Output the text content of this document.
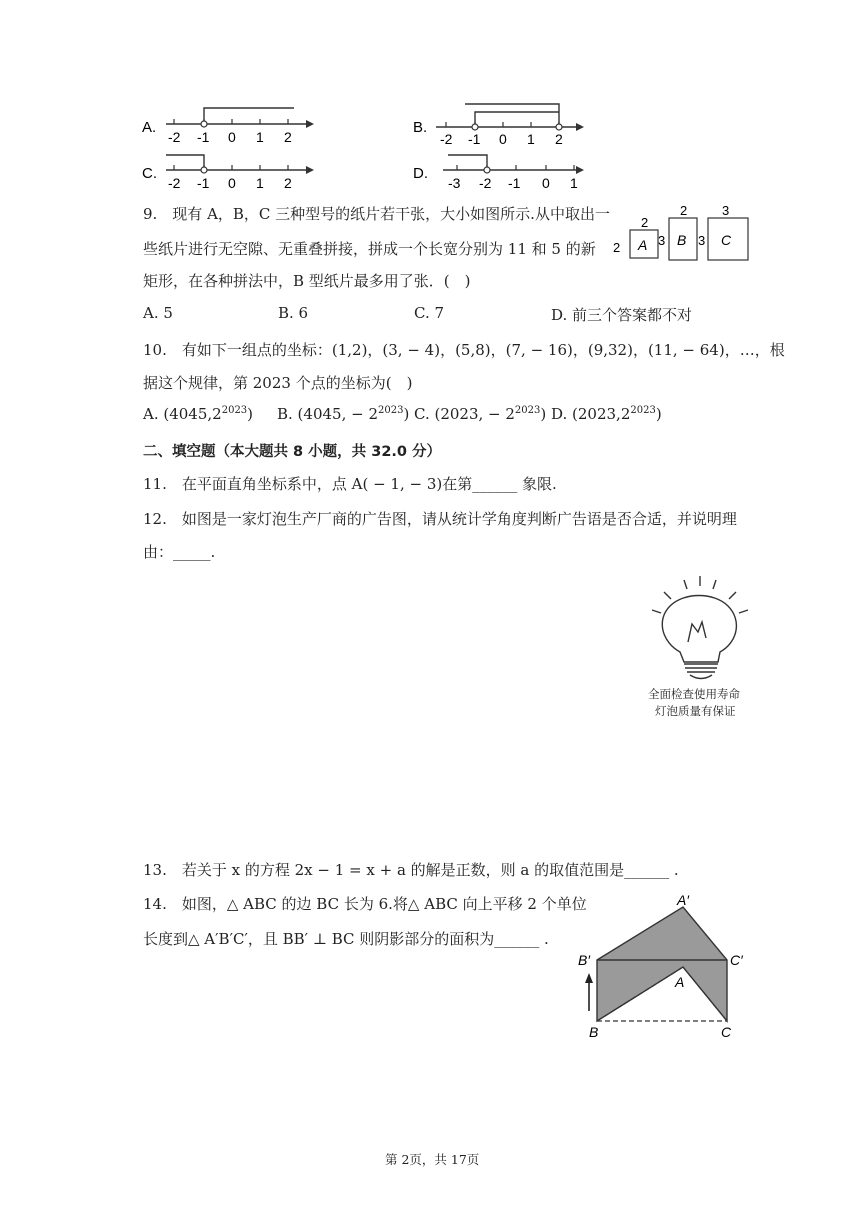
A.
-2 -1 0 1 2
B.
-2 -1 0 1 2
C.
-2 -1 0 1 2
D.
-3 -2 -1 0 1
9.　现有 A，B，C 三种型号的纸片若干张，大小如图所示.从中取出一
些纸片进行无空隙、无重叠拼接，拼成一个长宽分别为 11 和 5 的新
矩形，在各种拼法中，B 型纸片最多用了张．(　)
A B C
2
2
2
3
3
3
A. 5	B. 6	C. 7	D. 前三个答案都不对
10.　有如下一组点的坐标：(1,2)，(3, − 4)，(5,8)，(7, − 16)，(9,32)，(11, − 64)，…，根
据这个规律，第 2023 个点的坐标为(　)
A. $(4045,2^{2023})$ B. (4045, − $2^{2023}$) C. (2023, − $2^{2023}$) D. $(2023,2^{2023})$
二、填空题（本大题共 8 小题，共 32.0 分）
11.　在平面直角坐标系中，点 A( − 1, − 3)在第______ 象限.
12.　如图是一家灯泡生产厂商的广告图，请从统计学角度判断广告语是否合适，并说明理
由：_____.
全面检查使用寿命
灯泡质量有保证
13.　若关于 x 的方程 2x − 1 = x + a 的解是正数，则 a 的取值范围是______ .
14.　如图，△ ABC 的边 BC 长为 6.将△ ABC 向上平移 2 个单位
长度到△ A′B′C′，且 BB′ ⊥ BC 则阴影部分的面积为______ .
A′
B′	C′
A
B	C
第 2页，共 17页
